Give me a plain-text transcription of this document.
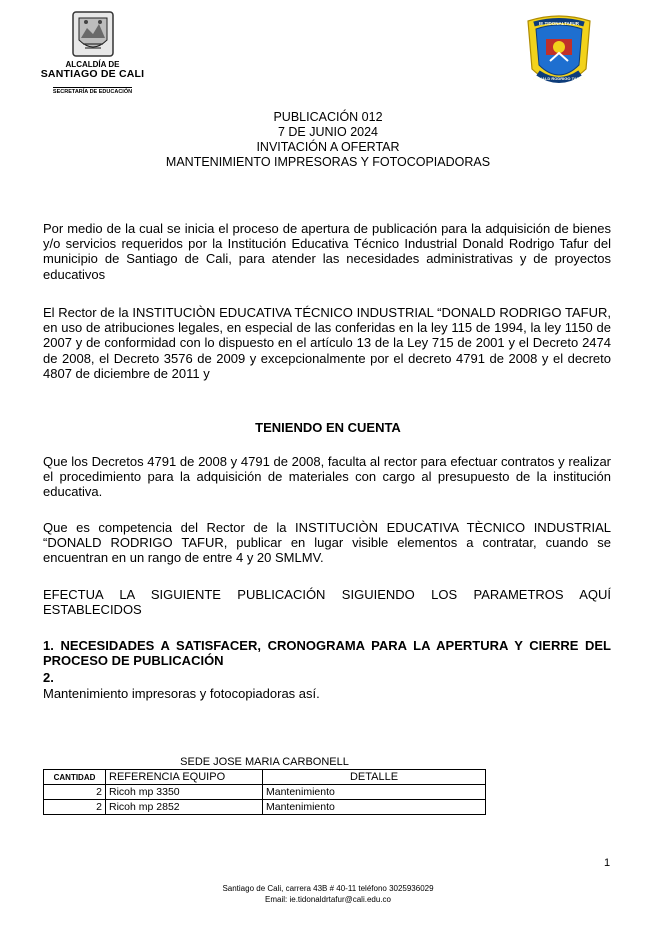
ALCALDÍA DE
SANTIAGO DE CALI
SECRETARÍA DE EDUCACIÓN
IE TIDONALTAFUR
DONALD RODRIGO TAFUR
PUBLICACIÓN 012
7 DE JUNIO 2024
INVITACIÓN A OFERTAR
MANTENIMIENTO IMPRESORAS Y FOTOCOPIADORAS
Por medio de la cual se inicia el proceso de apertura de publicación para la adquisición de bienes y/o servicios requeridos por la Institución Educativa Técnico Industrial Donald Rodrigo Tafur del municipio de Santiago de Cali, para atender las necesidades administrativas y de proyectos educativos
El Rector de la INSTITUCIÒN EDUCATIVA TÉCNICO INDUSTRIAL “DONALD RODRIGO TAFUR, en uso de atribuciones legales, en especial de las conferidas en la ley 115 de 1994, la ley 1150 de 2007 y de conformidad con lo dispuesto en el artículo 13 de la Ley 715 de 2001 y el Decreto 2474 de 2008, el Decreto 3576 de 2009 y excepcionalmente por el decreto 4791 de 2008 y el decreto 4807 de diciembre de 2011 y
TENIENDO EN CUENTA
Que los Decretos 4791 de 2008 y 4791 de 2008, faculta al rector para efectuar contratos y realizar el procedimiento para la adquisición de materiales con cargo al presupuesto de la institución educativa.
Que es competencia del Rector de la INSTITUCIÒN EDUCATIVA TÈCNICO INDUSTRIAL “DONALD RODRIGO TAFUR, publicar en lugar visible elementos a contratar, cuando se encuentran en un rango de entre 4 y 20 SMLMV.
EFECTUA LA SIGUIENTE PUBLICACIÓN SIGUIENDO LOS PARAMETROS AQUÍ ESTABLECIDOS
1. NECESIDADES A SATISFACER, CRONOGRAMA PARA LA APERTURA Y CIERRE DEL PROCESO DE PUBLICACIÓN
2.
Mantenimiento impresoras y fotocopiadoras así.
SEDE JOSE MARIA CARBONELL
CANTIDAD	REFERENCIA EQUIPO	DETALLE
2	Ricoh mp 3350	Mantenimiento
2	Ricoh mp 2852	Mantenimiento
1
Santiago de Cali, carrera 43B # 40-11 teléfono 3025936029
Email: ie.tidonaldrtafur@cali.edu.co
